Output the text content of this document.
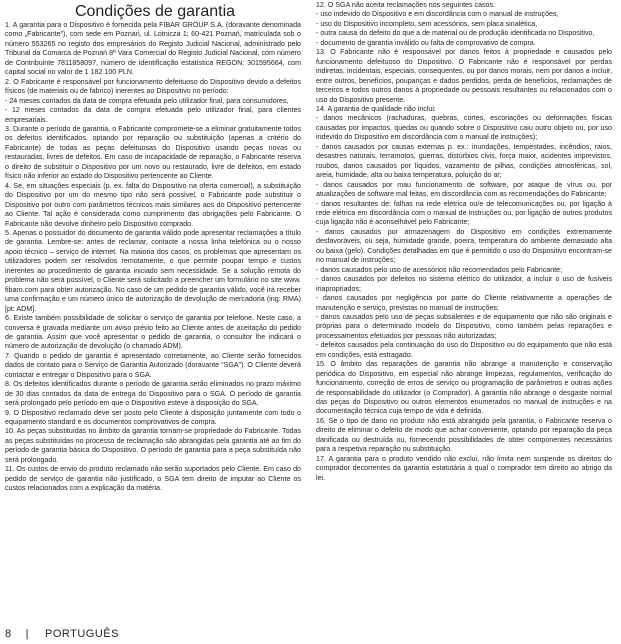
Condições de garantia

1. A garantia para o Dispositivo é fornecida pela FIBAR GROUP S.A. (doravante denominada como „Fabricante”), com sede em Poznań, ul. Lotnicza 1; 60-421 Poznań, matriculada sob o número 553265 no registo dos empresários do Registo Judicial Nacional, administrado pelo Tribunal da Comarca de Poznań 8ª Vara Comercial do Registo Judicial Nacional, com número de Contribuinte 7811858097, número de identificação estatística REGON: 301595664, com capital social no valor de 1 182 100 PLN.

2. O Fabricante é responsável por funcionamento defeituoso do Dispositivo devido a defeitos físicos (de materiais ou de fabrico) inerentes ao Dispositivo no período:

- 24 meses contados da data de compra efetuada pelo utilizador final, para consumidores,

- 12 meses contados da data de compra efetuada pelo utilizador final, para clientes empresariais.

3. Durante o período de garantia, o Fabricante compromete-se a eliminar gratuitamente todos os defeitos identificados, optando por reparação ou substituição (apenas a critério do Fabricante) de todas as peças defeituosas do Dispositivo usando peças novas ou restauradas, livres de defeitos. Em caso de incapacidade de reparação, o Fabricante reserva o direito de substituir o Dispositivo por um novo ou restaurado, livre de defeitos, em estado físico não inferior ao estado do Dispositivo pertencente ao Cliente.

4. Se, em situações especiais (p. ex. falta do Dispositivo na oferta comercial), a substituição do Dispositivo por um do mesmo tipo não será possível, o Fabricante pode substituir o Dispositivo por outro com parâmetros técnicos mais similares aos do Dispositivo pertencente ao Cliente. Tal ação é considerada como cumprimento das obrigações pelo Fabricante. O Fabricante não devolve dinheiro pelo Dispositivo comprado.

5. Apenas o possuidor do documento de garantia válido pode apresentar reclamações a título de garantia. Lembre-se: antes de reclamar, contacte a nossa linha telefónica ou o nosso apoio técnico – serviço de internet. Na maioria dos casos, os problemas que apresentam os utilizadores podem ser resolvidos remotamente, o que permite poupar tempo e custos inerentes ao procedimento de garantia iniciado sem necessidade. Se a solução remota do problema não será possível, o Cliente será solicitado a preencher um formulário no site www. fibaro.com para obter autorização. No caso de um pedido de garantia válido, você irá receber uma confirmação e um número único de autorização de devolução de mercadoria (ing: RMA) [pt: ADM].

6. Existe também possibilidade de solicitar o serviço de garantia por telefone. Neste caso, a conversa é gravada mediante um aviso prévio feito ao Cliente antes de aceitação do pedido de garantia. Assim que você apresentar o pedido de garantia, o consultor lhe indicará o número de autorização de devolução (o chamado ADM).

7. Quando o pedido de garantia é apresentado corretamente, ao Cliente serão fornecidos dados de contato para o Serviço de Garantia Autorizado (doravante “SGA”). O Cliente deverá contactar e entregar o Dispositivo para o SGA.

8. Os defeitos identificados durante o período de garantia serão eliminados no prazo máximo de 30 dias contados da data de entrega do Dispositivo para o SGA. O período de garantia será prolongado pelo período em que o Dispositivo esteve à disposição do SGA.

9. O Dispositivo reclamado deve ser posto pelo Cliente à disposição juntamente com todo o equipamento standard e os documentos comprovativos de compra.

10. As peças substituídas no âmbito da garantia tornam-se propriedade do Fabricante. Todas as peças substituídas no processo de reclamação são abrangidas pela garantia até ao fim do período de garantia básica do Dispositivo. O período de garantia para a peça substituída não será prolongado.

11. Os custos de envio do produto reclamado não serão suportados pelo Cliente. Em caso do pedido de serviço de garantia não justificado, o SGA tem direito de imputar ao Cliente os custos relacionados com a explicação da matéria.

12. O SGA não aceita reclamações nos seguintes casos:

- uso indevido do Dispositivo e em discordância com o manual de instruções,

- uso do Dispositivo incompleto, sem acessórios, sem placa sinalética,

- outra causa do defeito do que a de material ou de produção identificada no Dispositivo,

- documento de garantia inválido ou falta de comprovativo de compra.

13. O Fabricante não é responsável por danos feitos à propriedade e causados pelo funcionamento defeituoso do Dispositivo. O Fabricante não é responsável por perdas indiretas, incidentais, especiais, consequentes, ou por danos morais, nem por danos a incluir, entre outros, benefícios, poupanças e dados perdidos, perda de benefícios, reclamações de terceiros e todos outros danos à propriedade ou pessoais resultantes ou relacionados com o uso do Dispositivo presente.

14. A garantia de qualidade não inclui:

- danos mecânicos (rachaduras, quebras, cortes, escoriações ou deformações físicas causadas por impactos, quedas ou quando sobre o Dispositivo caiu outro objeto ou, por uso indevido do Dispositivo em discordância com o manual de instruções);

- danos causados por causas externas p. ex.: inundações, tempestades, incêndios, raios, desastres naturais, terramotos, guerras, distúrbios civis, força maior, acidentes imprevistos, roubos, danos causados por líquidos, vazamento de pilhas, condições atmosféricas, sol, areia, humidade, alta ou baixa temperatura, poluição do ar;

- danos causados por mau funcionamento de software, por ataque de vírus ou, por atualizações de software mal feitas, em discordância com as recomendações do Fabricante;

- danos resultantes de: falhas na rede elétrica ou/e de telecomunicações ou, por ligação à rede elétrica em discordância com o manual de instruções ou, por ligação de outros produtos cuja ligação não é aconselhável pelo Fabricante;

- danos causados por armazenagem do Dispositivo em condições extremamente desfavoráveis, ou seja, humidade grande, poeira, temperatura do ambiente demasiado alta ou baixa (gelo). Condições detalhadas em que é permitido o uso do Dispositivo encontram-se no manual de instruções;

- danos causados pelo uso de acessórios não recomendados pelo Fabricante;

- danos causados por defeitos no sistema elétrico do utilizador, a incluir o uso de fusíveis inapropriados;

- danos causados por negligência por parte do Cliente relativamente a operações de manutenção e serviço, previstas no manual de instruções;

- danos causados pelo uso de peças subsalentes e de equipamento que não são originais e próprias para o determinado modelo do Dispositivo, como também pelas reparações e processamentos efetuados por pessoas não autorizadas;

- defeitos causados pela continuação do uso do Dispositivo ou do equipamento que não está em condições, está estragado.

15. O âmbito das reparações de garantia não abrange a manutenção e conservação periódica do Dispositivo, em especial não abrange limpezas, regulamentos, verificação do funcionamento, correção de erros de serviço ou programação de parâmetros e outras ações de responsabilidade do utilizador (o Comprador). A garantia não abrange o desgaste normal das peças do Dispositivo ou outros elementos enumerados no manual de instruções e na documentação técnica cuja tempo de vida é definida.

16. Se o tipo de dano no produto não está abrangido pela garantia, o Fabricante reserva o direito de eliminar o defeito de modo que achar conveniente, optando por reparação da peça danificada ou destruída ou, fornecendo possibilidades de obter componentes necessários para a respetiva reparação ou substituição.

17. A garantia para o produto vendido não exclui, não limita nem suspende os direitos do comprador decorrentes da garantia estatutária à qual o comprador tem direito ao abrigo da lei.

8 | PORTUGUÊS
